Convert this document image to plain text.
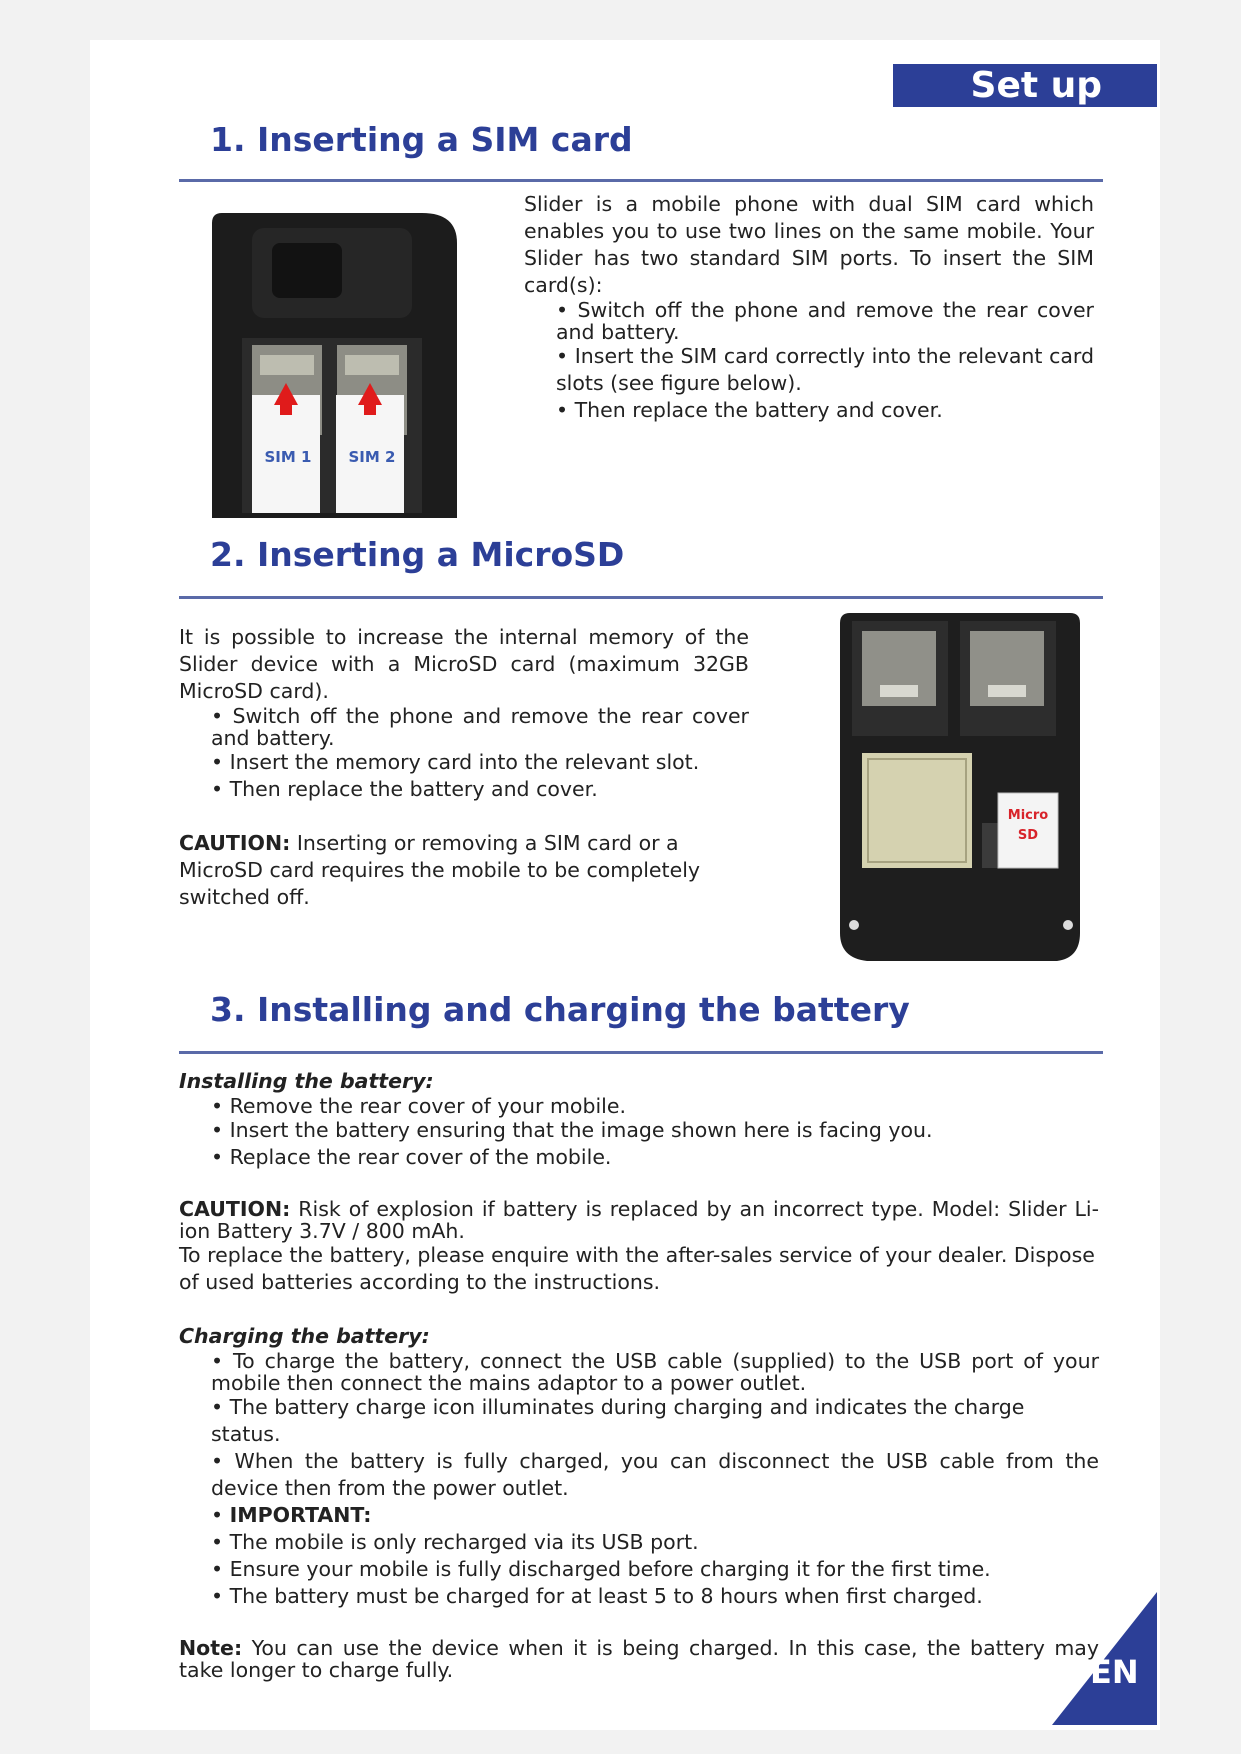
Set up
1. Inserting a SIM card
SIM 1 SIM 2
Slider is a mobile phone with dual SIM card which enables you to use two lines on the same mobile. Your Slider has two standard SIM ports. To insert the SIM card(s):
• Switch off the phone and remove the rear cover and battery.
• Insert the SIM card correctly into the relevant card slots (see figure below).
• Then replace the battery and cover.
2. Inserting a MicroSD
It is possible to increase the internal memory of the Slider device with a MicroSD card (maximum 32GB MicroSD card).
• Switch off the phone and remove the rear cover and battery.
• Insert the memory card into the relevant slot.
• Then replace the battery and cover.
CAUTION: Inserting or removing a SIM card or a MicroSD card requires the mobile to be completely switched off.
Micro
SD
3. Installing and charging the battery
Installing the battery:
• Remove the rear cover of your mobile.
• Insert the battery ensuring that the image shown here is facing you.
• Replace the rear cover of the mobile.
CAUTION: Risk of explosion if battery is replaced by an incorrect type. Model: Slider Li-ion Battery 3.7V / 800 mAh.
To replace the battery, please enquire with the after-sales service of your dealer. Dispose of used batteries according to the instructions.
Charging the battery:
• To charge the battery, connect the USB cable (supplied) to the USB port of your mobile then connect the mains adaptor to a power outlet.
• The battery charge icon illuminates during charging and indicates the charge status.
• When the battery is fully charged, you can disconnect the USB cable from the device then from the power outlet.
• IMPORTANT:
• The mobile is only recharged via its USB port.
• Ensure your mobile is fully discharged before charging it for the first time.
• The battery must be charged for at least 5 to 8 hours when first charged.
Note: You can use the device when it is being charged. In this case, the battery may take longer to charge fully.	EN
